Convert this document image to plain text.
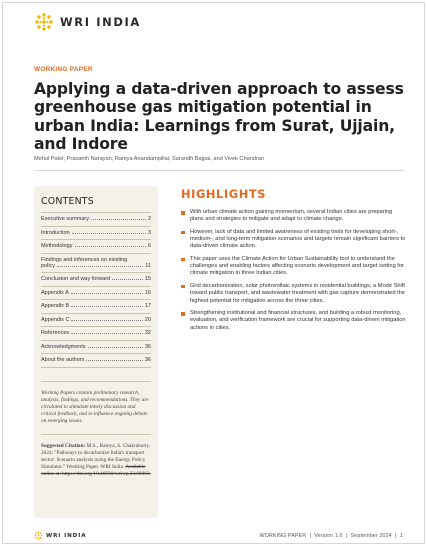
WRI INDIA
WORKING PAPER
Applying a data-driven approach to assess greenhouse gas mitigation potential in urban India: Learnings from Surat, Ujjain, and Indore
Mehul Patel, Prasanth Narayan, Ramya Anandampillai, Sarandh Bajpai, and Vivek Chandran
CONTENTS
Executive summary	2
Introduction	3
Methodology	6
Findings and inferences on existing
policy	11
Conclusion and way forward	15
Appendix A	16
Appendix B	17
Appendix C	20
References	32
Acknowledgments	36
About the authors	36

Working Papers contain preliminary research, analysis, findings, and recommendations. They are circulated to stimulate timely discussion and critical feedback, and to influence ongoing debate on emerging issues.

Suggested Citation: M.S., Ramya, S. Chakraborty. 2024. "Pathways to decarbonize India's transport sector: Scenario analysis using the Energy Policy Simulator." Working Paper. WRI India. Available online at: https://doi.org/10.46830/wriwp.23.00063.

HIGHLIGHTS
With urban climate action gaining momentum, several Indian cities are preparing plans and strategies to mitigate and adapt to climate change.
However, lack of data and limited awareness of existing tools for developing short-, medium-, and long-term mitigation scenarios and targets remain significant barriers to data-driven climate action.
This paper uses the Climate Action for Urban Sustainability tool to understand the challenges and enabling factors affecting scenario development and target setting for climate mitigation in three Indian cities.
Grid decarbonization, solar photovoltaic systems in residential buildings, a Mode Shift toward public transport, and wastewater treatment with gas capture demonstrated the highest potential for mitigation across the three cities.
Strengthening institutional and financial structures, and building a robust monitoring, evaluation, and verification framework are crucial for supporting data-driven mitigation actions in cities.
WRI INDIA	WORKING PAPER  |  Version 1.0  |  September 2024  |  1
